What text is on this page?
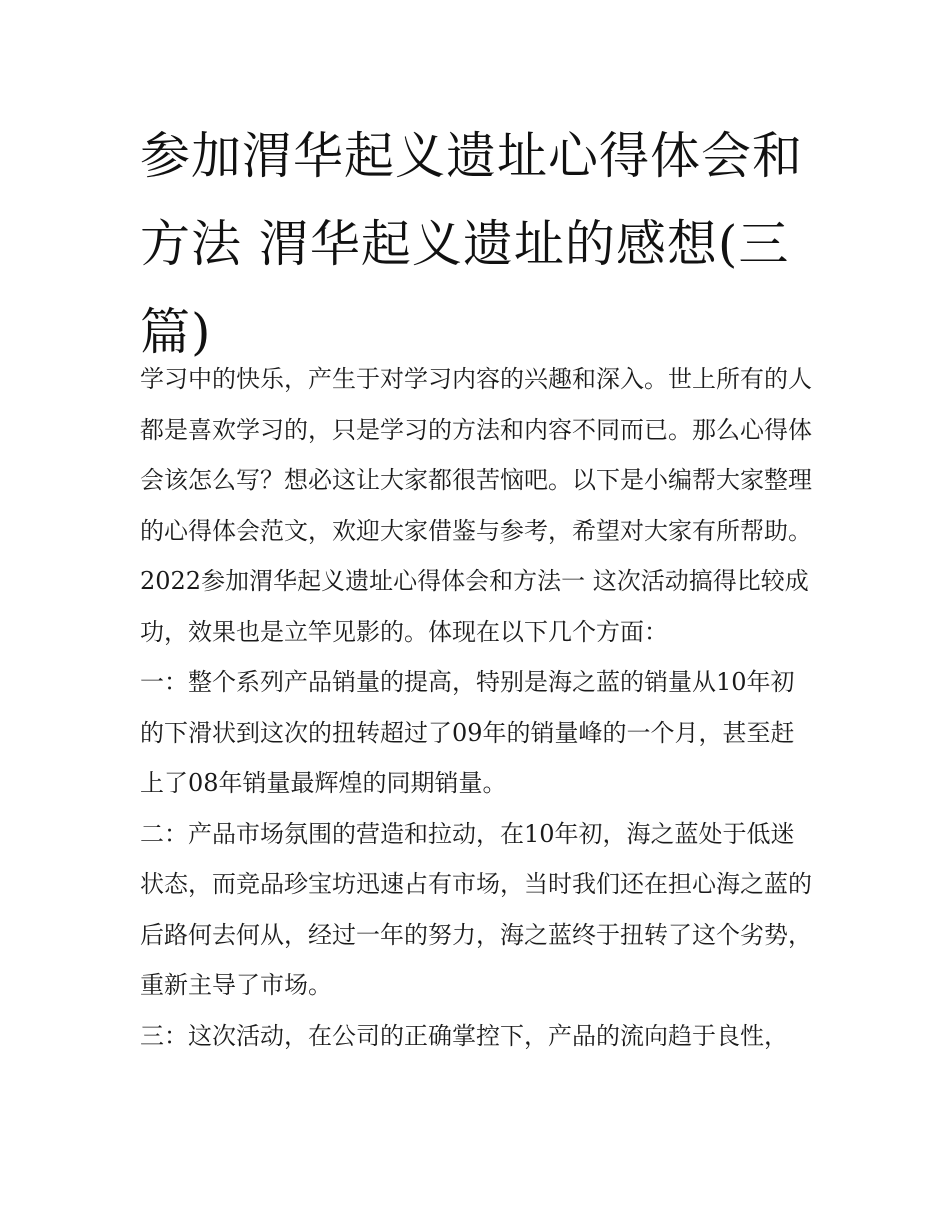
参加渭华起义遗址心得体会和方法 渭华起义遗址的感想(三篇)

学习中的快乐，产生于对学习内容的兴趣和深入。世上所有的人都是喜欢学习的，只是学习的方法和内容不同而已。那么心得体会该怎么写？想必这让大家都很苦恼吧。以下是小编帮大家整理的心得体会范文，欢迎大家借鉴与参考，希望对大家有所帮助。

2022参加渭华起义遗址心得体会和方法一 这次活动搞得比较成功，效果也是立竿见影的。体现在以下几个方面：

一：整个系列产品销量的提高，特别是海之蓝的销量从10年初的下滑状到这次的扭转超过了09年的销量峰的一个月，甚至赶上了08年销量最辉煌的同期销量。

二：产品市场氛围的营造和拉动，在10年初，海之蓝处于低迷状态，而竞品珍宝坊迅速占有市场，当时我们还在担心海之蓝的后路何去何从，经过一年的努力，海之蓝终于扭转了这个劣势，重新主导了市场。

三：这次活动，在公司的正确掌控下，产品的流向趋于良性，
